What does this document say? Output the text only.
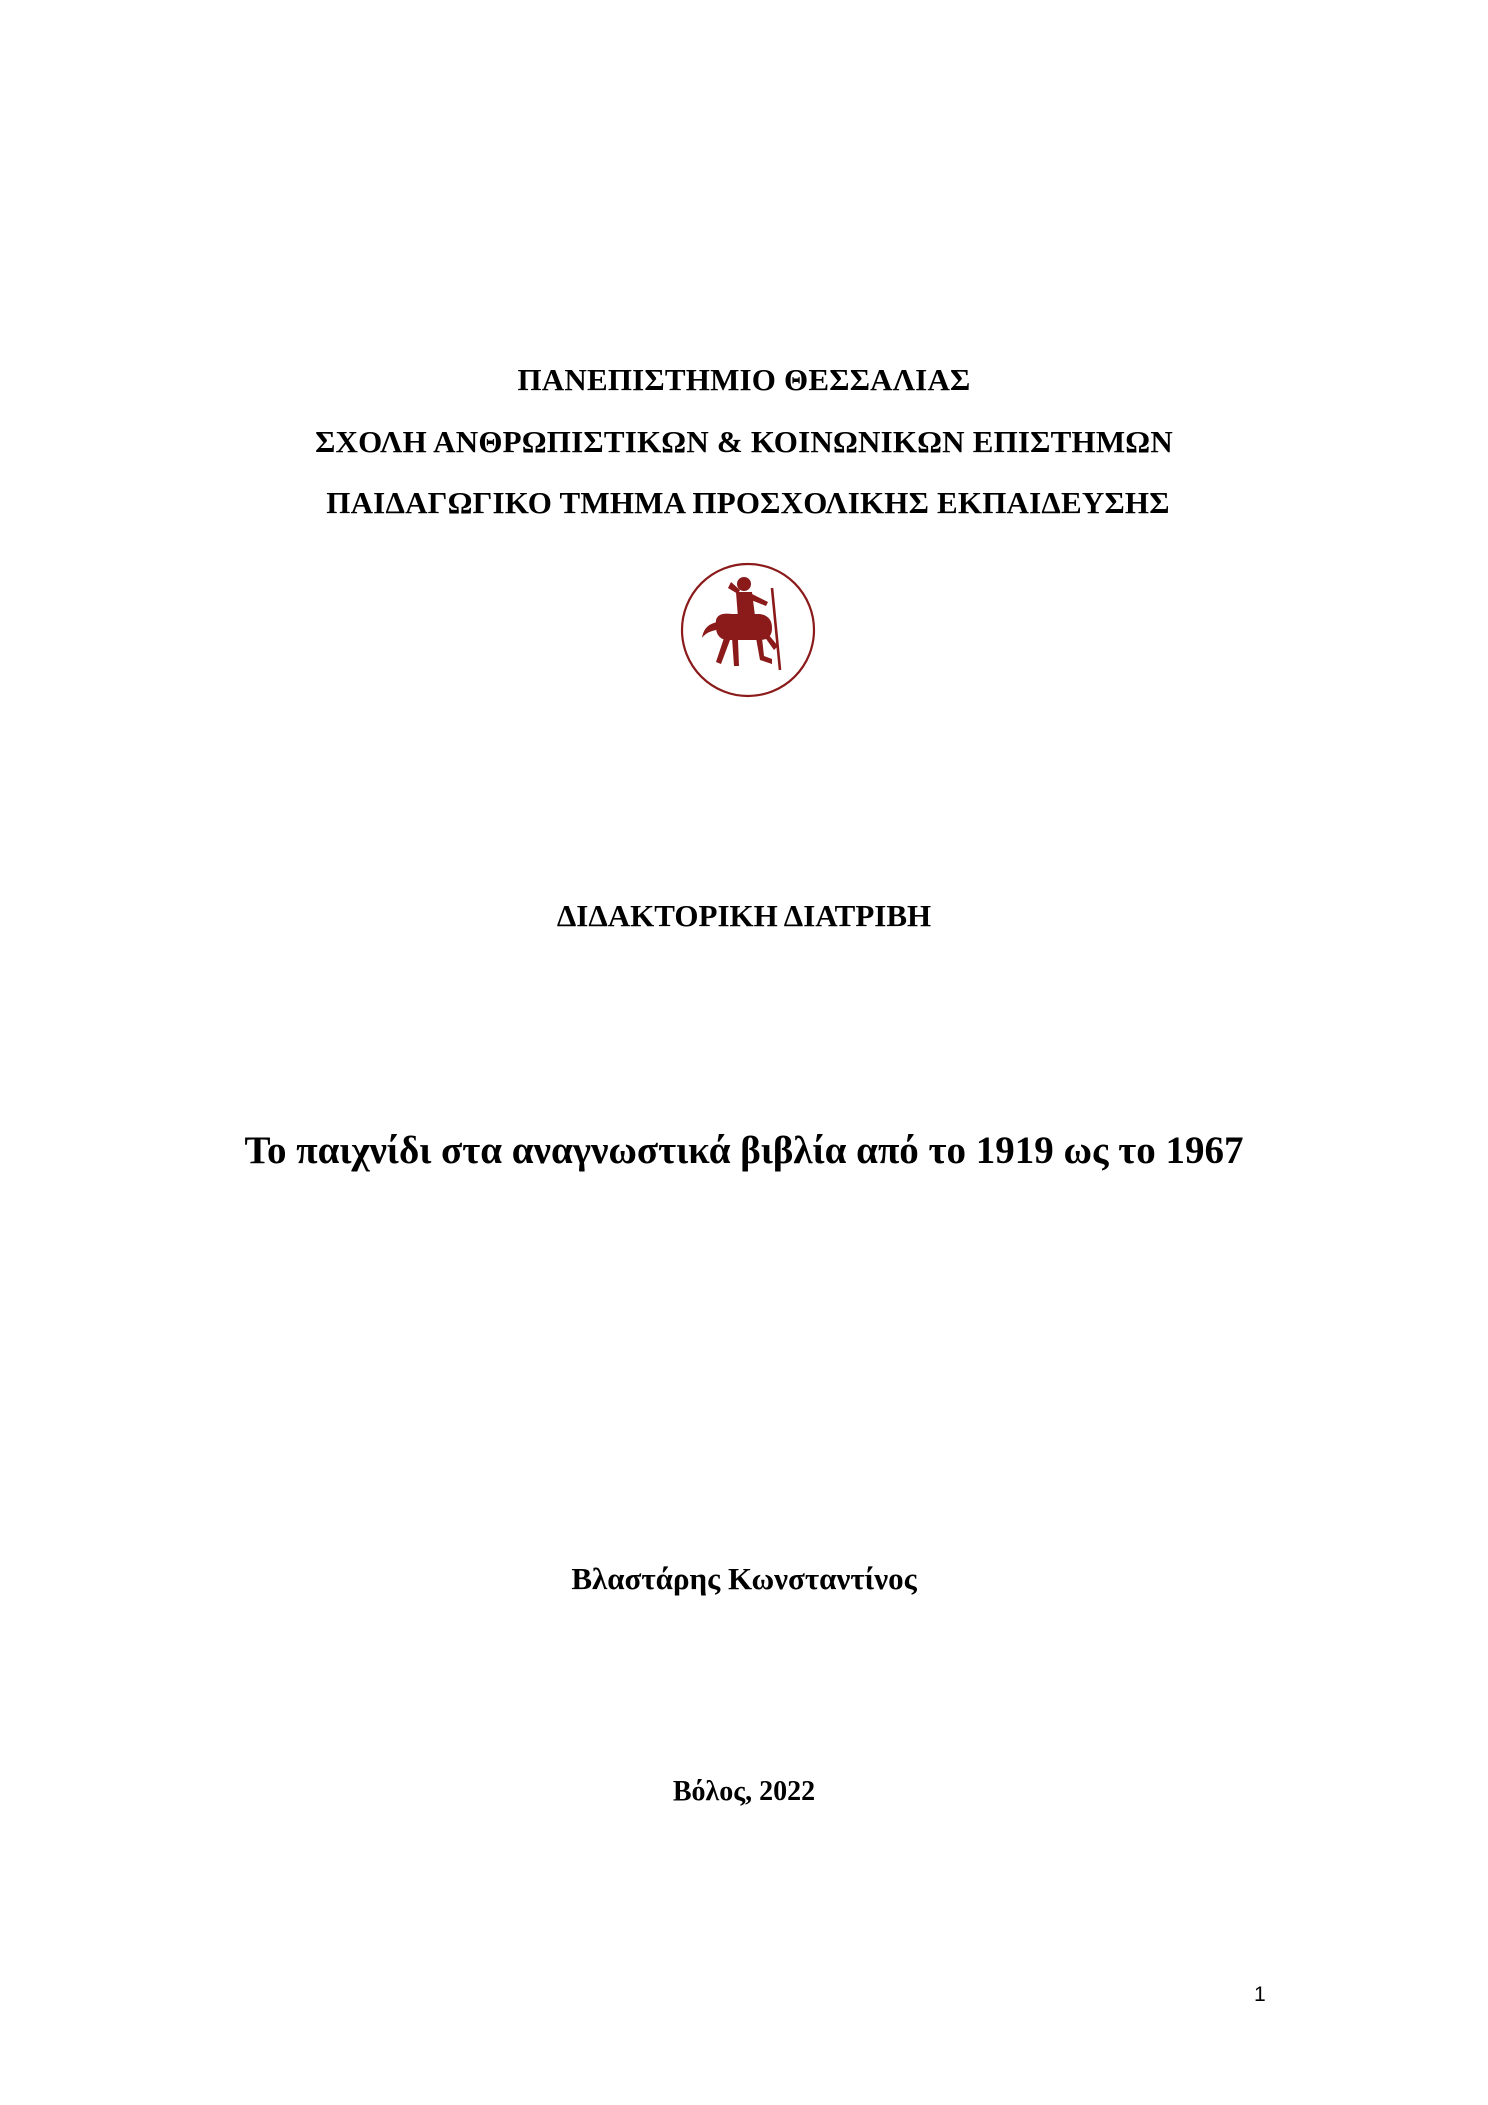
ΠΑΝΕΠΙΣΤΗΜΙΟ ΘΕΣΣΑΛΙΑΣ
ΣΧΟΛΗ ΑΝΘΡΩΠΙΣΤΙΚΩΝ & ΚΟΙΝΩΝΙΚΩΝ ΕΠΙΣΤΗΜΩΝ
ΠΑΙΔΑΓΩΓΙΚΟ ΤΜΗΜΑ ΠΡΟΣΧΟΛΙΚΗΣ ΕΚΠΑΙΔΕΥΣΗΣ
ΔΙΔΑΚΤΟΡΙΚΗ ΔΙΑΤΡΙΒΗ
Το παιχνίδι στα αναγνωστικά βιβλία από το 1919 ως το 1967
Βλαστάρης Κωνσταντίνος
Βόλος, 2022
1
